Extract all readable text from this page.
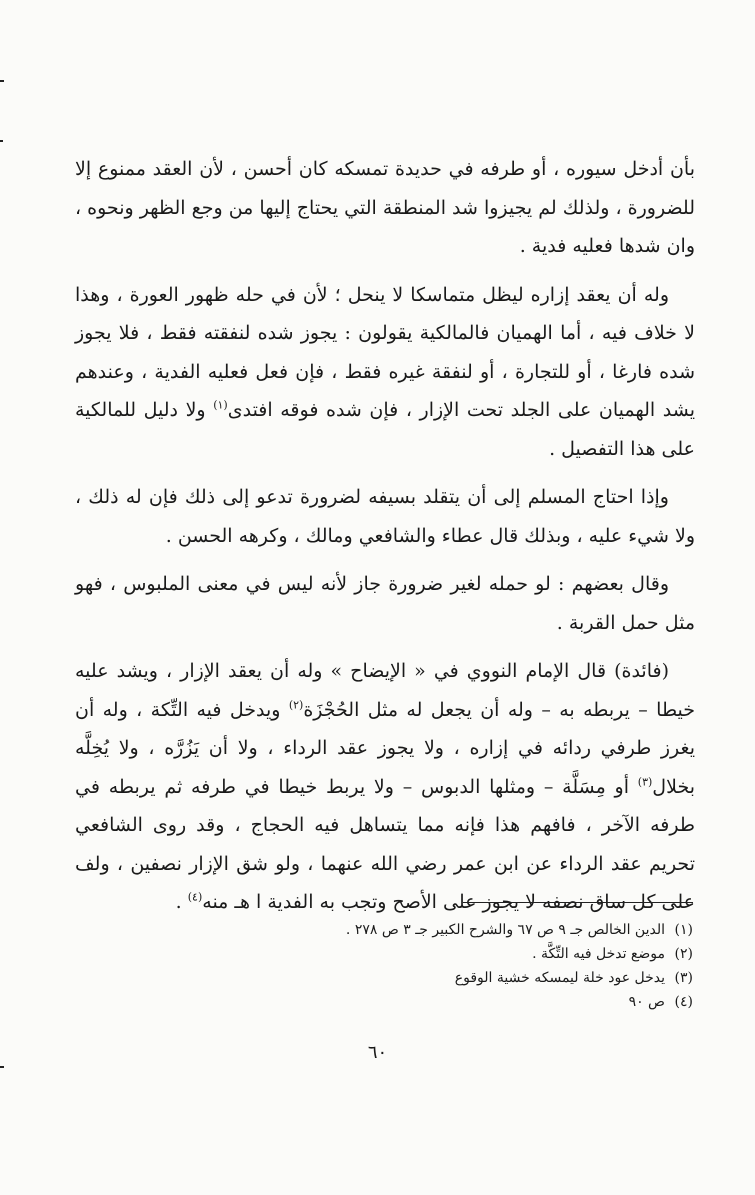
بأن أدخل سيوره ، أو طرفه في حديدة تمسكه كان أحسن ، لأن العقد ممنوع إلا للضرورة ، ولذلك لم يجيزوا شد المنطقة التي يحتاج إليها من وجع الظهر ونحوه ، وان شدها فعليه فدية .

وله أن يعقد إزاره ليظل متماسكا لا ينحل ؛ لأن في حله ظهور العورة ، وهذا لا خلاف فيه ، أما الهميان فالمالكية يقولون : يجوز شده لنفقته فقط ، فلا يجوز شده فارغا ، أو للتجارة ، أو لنفقة غيره فقط ، فإن فعل فعليه الفدية ، وعندهم يشد الهميان على الجلد تحت الإزار ، فإن شده فوقه افتدى$^{(١)}$ ولا دليل للمالكية على هذا التفصيل .

وإذا احتاج المسلم إلى أن يتقلد بسيفه لضرورة تدعو إلى ذلك فإن له ذلك ، ولا شيء عليه ، وبذلك قال عطاء والشافعي ومالك ، وكرهه الحسن .

وقال بعضهم : لو حمله لغير ضرورة جاز لأنه ليس في معنى الملبوس ، فهو مثل حمل القربة .

(فائدة) قال الإمام النووي في « الإيضاح » وله أن يعقد الإزار ، ويشد عليه خيطا – يربطه به – وله أن يجعل له مثل الحُجْزَة$^{(٢)}$ ويدخل فيه التِّكة ، وله أن يغرز طرفي ردائه في إزاره ، ولا يجوز عقد الرداء ، ولا أن يَزُرَّه ، ولا يُخِلَّه بخلال$^{(٣)}$ أو مِسَلَّة – ومثلها الدبوس – ولا يربط خيطا في طرفه ثم يربطه في طرفه الآخر ، فافهم هذا فإنه مما يتساهل فيه الحجاج ، وقد روى الشافعي تحريم عقد الرداء عن ابن عمر رضي الله عنهما ، ولو شق الإزار نصفين ، ولف على كل ساق نصفه لا يجوز على الأصح وتجب به الفدية ا هـ منه$^{(٤)}$ .

(١)الدين الخالص جـ ٩ ص ٦٧ والشرح الكبير جـ ٣ ص ٢٧٨ .
(٢)موضع تدخل فيه التِّكَّة .
(٣)يدخل عود خلة ليمسكه خشية الوقوع
(٤)ص ٩٠
٦٠
